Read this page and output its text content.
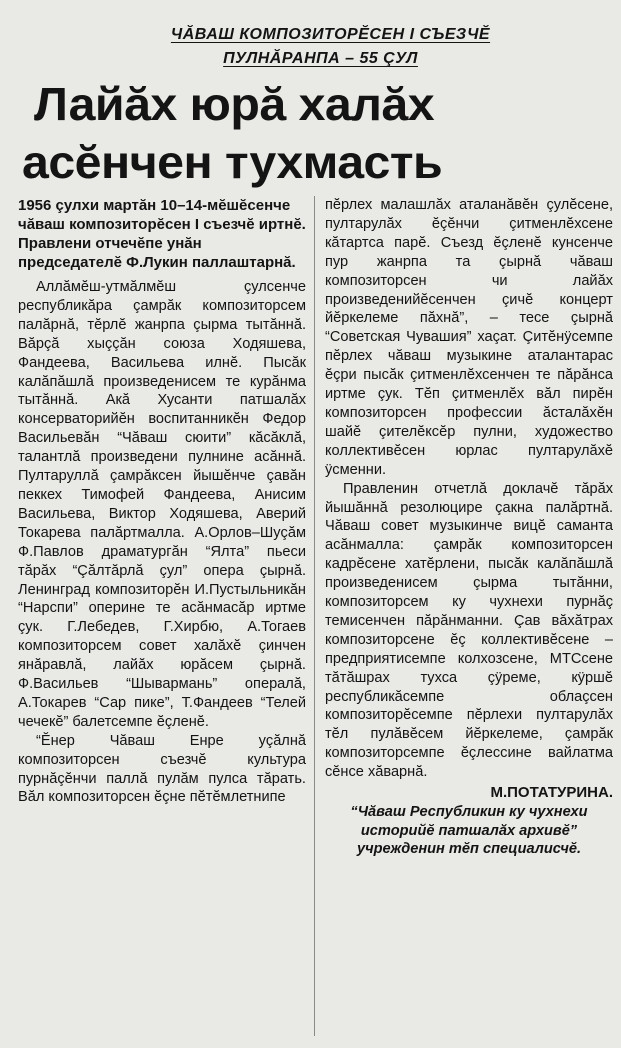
ЧĂВАШ КОМПОЗИТОРĔСЕН I СЪЕЗЧĔ
ПУЛНĂРАНПА – 55 ÇУЛ
Лайăх юрă халăх
асĕнчен тухмасть
1956 çулхи мартăн 10–14-мĕшĕсенче чăваш композиторĕсен I съезчĕ иртнĕ. Правлени отчечĕпе унăн председателĕ Ф.Лукин паллаштарнă.

Аллăмĕш-утмăлмĕш çулсенче республикăра çамрăк композиторсем палăрнă, тĕрлĕ жанрпа çырма тытăннă. Вăрçă хыççăн союза Ходяшева, Фандеева, Васильева илнĕ. Пысăк калăпăшлă произведенисем те курăнма тытăннă. Акă Хусанти патшалăх консерваторийĕн воспитанникĕн Федор Васильевăн “Чăваш сюити” кăсăклă, талантлă произведени пулнине асăннă. Пултаруллă çамрăксен йышĕнче çавăн пеккех Тимофей Фандеева, Анисим Васильева, Виктор Ходяшева, Аверий Токарева палăртмалла. А.Орлов–Шуçăм Ф.Павлов драматургăн “Ялта” пьеси тăрăх “Çăлтăрлă çул” опера çырнă. Ленинград композиторĕн И.Пустыльникăн “Нарспи” оперине те асăнмасăр иртме çук. Г.Лебедев, Г.Хирбю, А.Тогаев композиторсем совет халăхĕ çинчен янăравлă, лайăх юрăсем çырнă. Ф.Васильев “Шывармань” опералă, А.Токарев “Сар пике”, Т.Фандеев “Телей чечекĕ” балетсемпе ĕçленĕ.

“Ĕнер Чăваш Енре уçăлнă композиторсен съезчĕ культура пурнăçĕнчи паллă пулăм пулса тăрать. Вăл композиторсен ĕçне пĕтĕмлетнипе

пĕрлех малашлăх аталанăвĕн çулĕсене, пултарулăх ĕçĕнчи çитменлĕхсене кăтартса парĕ. Съезд ĕçленĕ кунсенче пур жанрпа та çырнă чăваш композиторсен чи лайăх произведенийĕсенчен çичĕ концерт йĕркелеме пăхнă”, – тесе çырнă “Советская Чувашия” хаçат. Çитĕнÿсемпе пĕрлех чăваш музыкине аталантарас ĕçри пысăк çитменлĕхсенчен те пăрăнса иртме çук. Тĕп çитменлĕх вăл пирĕн композиторсен профессии ăсталăхĕн шайĕ çителĕксĕр пулни, художество коллективĕсен юрлас пултарулăхĕ ÿсменни.

Правленин отчетлă доклачĕ тăрăх йышăннă резолюцире çакна палăртнă. Чăваш совет музыкинче вицĕ саманта асăнмалла: çамрăк композиторсен кадрĕсене хатĕрлени, пысăк калăпăшлă произведенисем çырма тытăнни, композиторсем ку чухнехи пурнăç темисенчен пăрăнманни. Çав вăхăтрах композиторсене ĕç коллективĕсене – предприятисемпе колхозсене, МТСсене тăтăшрах тухса çÿреме, кÿршĕ республикăсемпе облаçсен композиторĕсемпе пĕрлехи пултарулăх тĕл пулăвĕсем йĕркелеме, çамрăк композиторсемпе ĕçлессине вайлатма сĕнсе хăварнă.

М.ПОТАТУРИНА.

“Чăваш Республикин ку чухнехи историйĕ патшалăх архивĕ” учрежденин тĕп специалисчĕ.
